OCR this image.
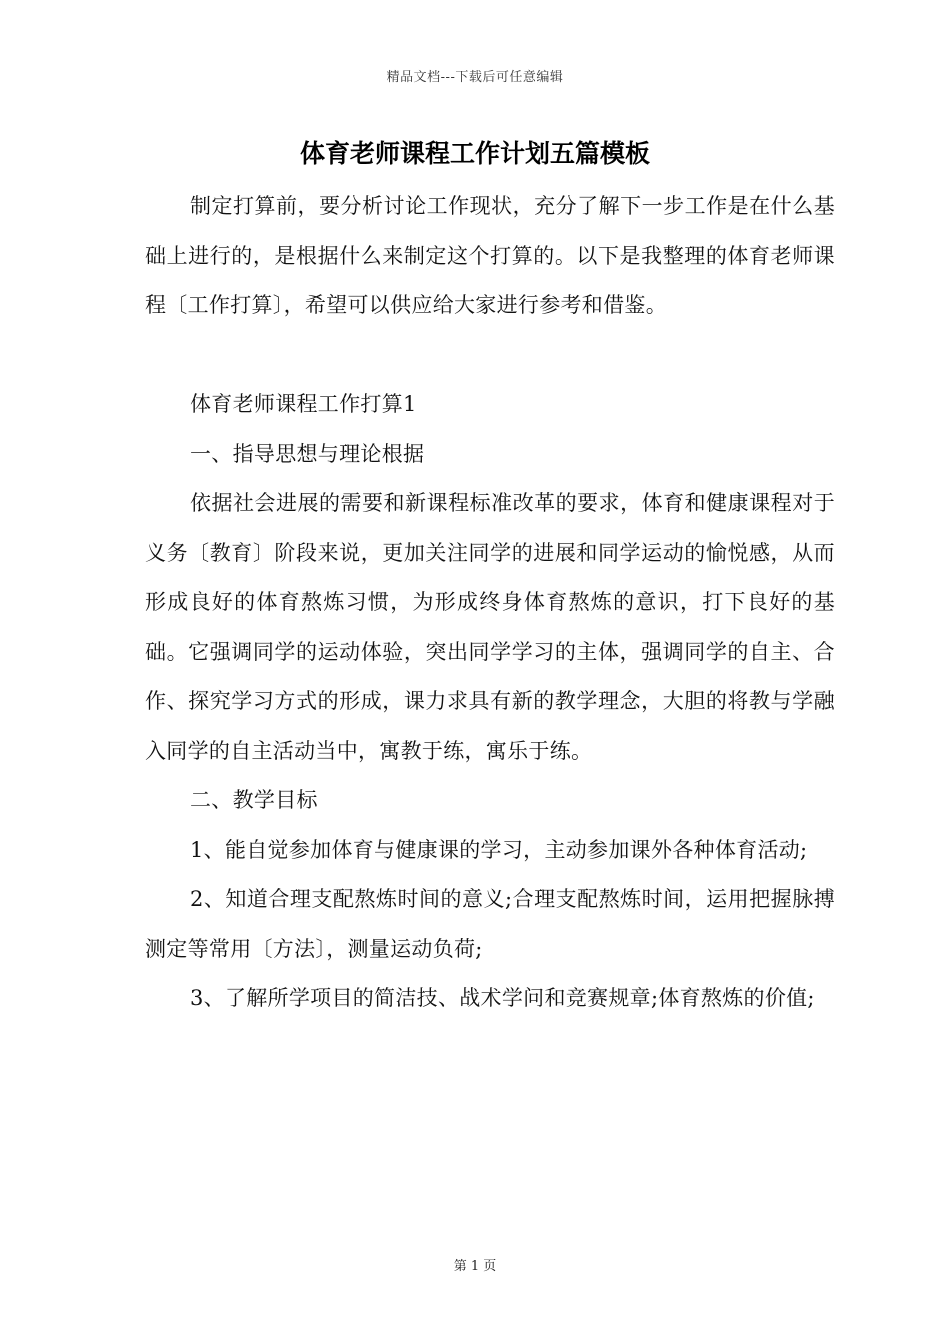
精品文档---下载后可任意编辑
体育老师课程工作计划五篇模板

制定打算前，要分析讨论工作现状，充分了解下一步工作是在什么基础上进行的，是根据什么来制定这个打算的。以下是我整理的体育老师课程〔工作打算〕，希望可以供应给大家进行参考和借鉴。

体育老师课程工作打算1

一、指导思想与理论根据

依据社会进展的需要和新课程标准改革的要求，体育和健康课程对于义务〔教育〕阶段来说，更加关注同学的进展和同学运动的愉悦感，从而形成良好的体育熬炼习惯，为形成终身体育熬炼的意识，打下良好的基础。它强调同学的运动体验，突出同学学习的主体，强调同学的自主、合作、探究学习方式的形成，课力求具有新的教学理念，大胆的将教与学融入同学的自主活动当中，寓教于练，寓乐于练。

二、教学目标

1、能自觉参加体育与健康课的学习，主动参加课外各种体育活动;

2、知道合理支配熬炼时间的意义;合理支配熬炼时间，运用把握脉搏测定等常用〔方法〕，测量运动负荷;

3、了解所学项目的简洁技、战术学问和竞赛规章;体育熬炼的价值;

第 1 页
